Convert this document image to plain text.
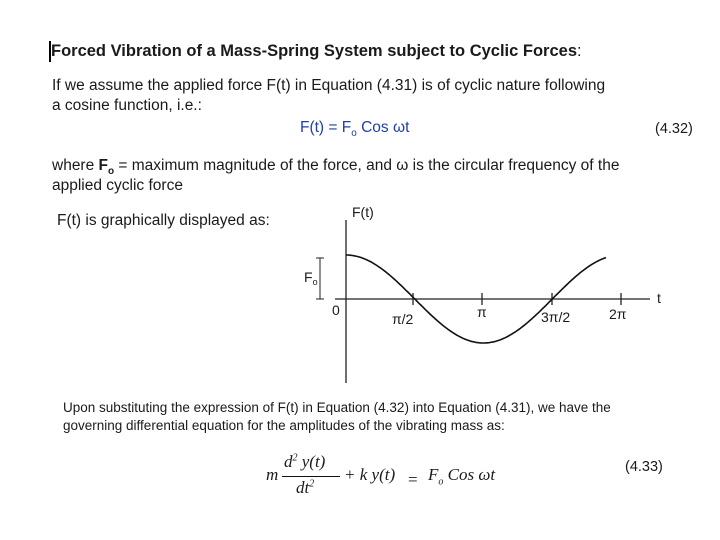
Forced Vibration of a Mass-Spring System subject to Cyclic Forces:
If we assume the applied force F(t) in Equation (4.31) is of cyclic nature following
a cosine function, i.e.:
$F(t) = F_o$ Cos ωt	(4.32)
where $F_o$ = maximum magnitude of the force, and ω is the circular frequency of the
applied cyclic force
F(t) is graphically displayed as:	F(t)
t
$F_o$
0
π/2	π	3π/2	2π
Upon substituting the expression of F(t) in Equation (4.32) into Equation (4.31), we have the
governing differential equation for the amplitudes of the vibrating mass as:
m
$d^2$ y(t)
$dt^2 + k$ $y(t) = F_o$ Cos ωt	(4.33)
